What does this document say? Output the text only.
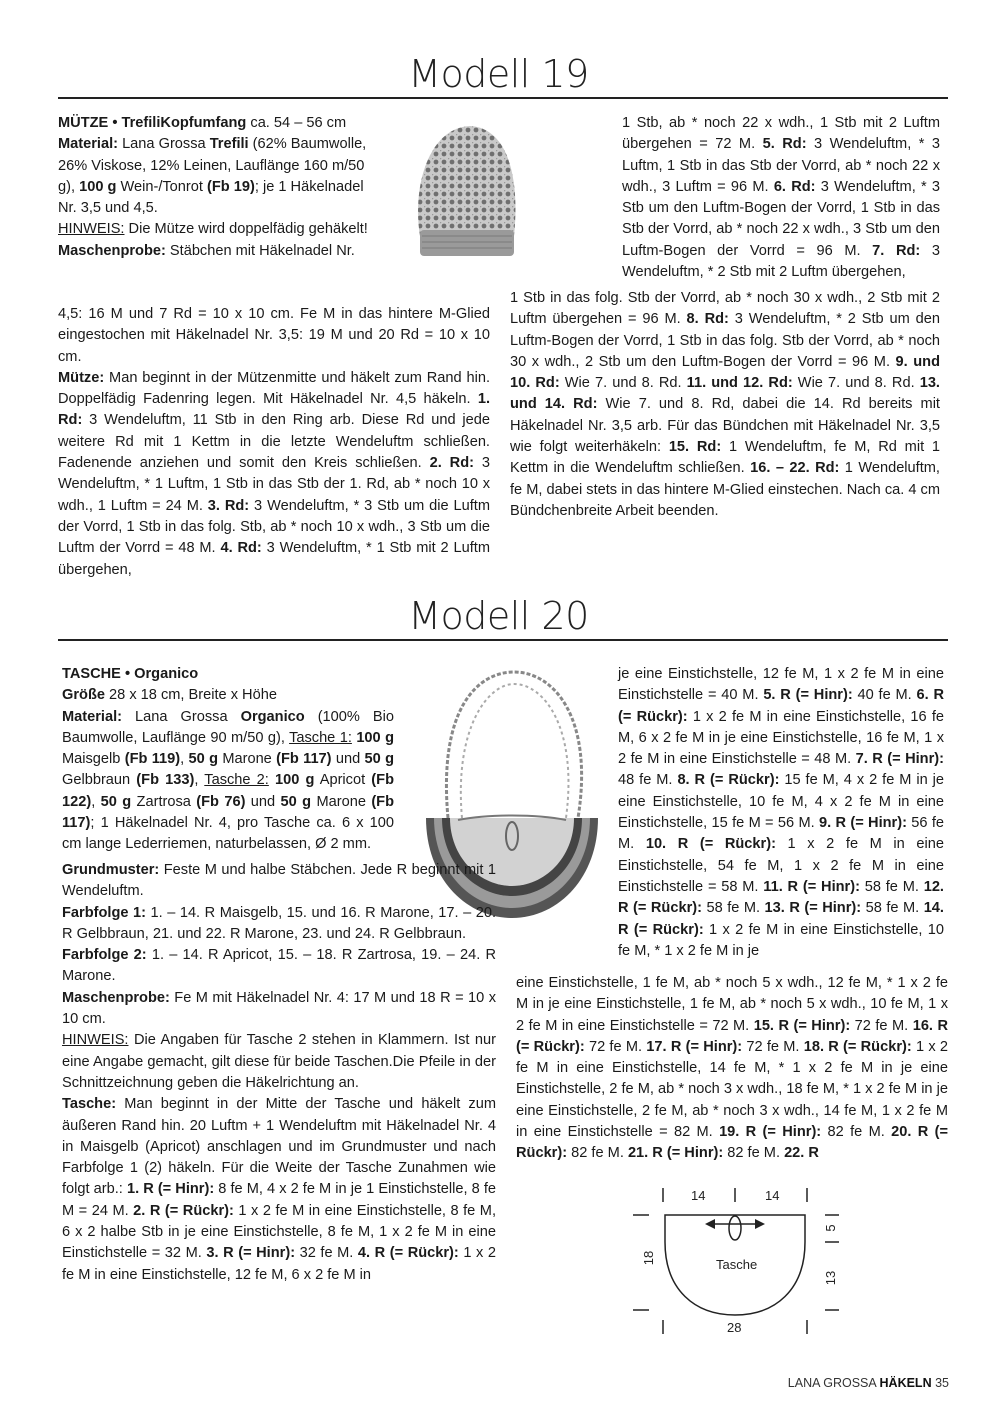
Modell 19

MÜTZE • TrefiliKopfumfang ca. 54 – 56 cm
Material: Lana Grossa Trefili (62% Baumwolle,
26% Viskose, 12% Leinen, Lauflänge 160 m/50
g), 100 g Wein-/Tonrot (Fb 19); je 1 Häkelnadel
Nr. 3,5 und 4,5.
HINWEIS: Die Mütze wird doppelfädig gehäkelt!
Maschenprobe: Stäbchen mit Häkelnadel Nr.

4,5: 16 M und 7 Rd = 10 x 10 cm. Fe M in das hintere M-Glied eingestochen mit Häkelnadel Nr. 3,5: 19 M und 20 Rd = 10 x 10 cm.
Mütze: Man beginnt in der Mützenmitte und häkelt zum Rand hin. Doppelfädig Fadenring legen. Mit Häkelnadel Nr. 4,5 häkeln. 1. Rd: 3 Wendeluftm, 11 Stb in den Ring arb. Diese Rd und jede weitere Rd mit 1 Kettm in die letzte Wendeluftm schließen. Fadenende anziehen und somit den Kreis schließen. 2. Rd: 3 Wendeluftm, * 1 Luftm, 1 Stb in das Stb der 1. Rd, ab * noch 10 x wdh., 1 Luftm = 24 M. 3. Rd: 3 Wendeluftm, * 3 Stb um die Luftm der Vorrd, 1 Stb in das folg. Stb, ab * noch 10 x wdh., 3 Stb um die Luftm der Vorrd = 48 M. 4. Rd: 3 Wendeluftm, * 1 Stb mit 2 Luftm übergehen,

1 Stb, ab * noch 22 x wdh., 1 Stb mit 2 Luftm übergehen = 72 M. 5. Rd: 3 Wendeluftm, * 3 Luftm, 1 Stb in das Stb der Vorrd, ab * noch 22 x wdh., 3 Luftm = 96 M. 6. Rd: 3 Wendeluftm, * 3 Stb um den Luftm-Bogen der Vorrd, 1 Stb in das Stb der Vorrd, ab * noch 22 x wdh., 3 Stb um den Luftm-Bogen der Vorrd = 96 M. 7. Rd: 3 Wendeluftm, * 2 Stb mit 2 Luftm übergehen,

1 Stb in das folg. Stb der Vorrd, ab * noch 30 x wdh., 2 Stb mit 2 Luftm übergehen = 96 M. 8. Rd: 3 Wendeluftm, * 2 Stb um den Luftm-Bogen der Vorrd, 1 Stb in das folg. Stb der Vorrd, ab * noch 30 x wdh., 2 Stb um den Luftm-Bogen der Vorrd = 96 M. 9. und 10. Rd: Wie 7. und 8. Rd. 11. und 12. Rd: Wie 7. und 8. Rd. 13. und 14. Rd: Wie 7. und 8. Rd, dabei die 14. Rd bereits mit Häkelnadel Nr. 3,5 arb. Für das Bündchen mit Häkelnadel Nr. 3,5 wie folgt weiterhäkeln: 15. Rd: 1 Wendeluftm, fe M, Rd mit 1 Kettm in die Wendeluftm schließen. 16. – 22. Rd: 1 Wendeluftm, fe M, dabei stets in das hintere M-Glied einstechen. Nach ca. 4 cm Bündchenbreite Arbeit beenden.

Modell 20

TASCHE • Organico
Größe 28 x 18 cm, Breite x Höhe
Material: Lana Grossa Organico (100% Bio Baumwolle, Lauflänge 90 m/50 g), Tasche 1: 100 g Maisgelb (Fb 119), 50 g Marone (Fb 117) und 50 g Gelbbraun (Fb 133), Tasche 2: 100 g Apricot (Fb 122), 50 g Zartrosa (Fb 76) und 50 g Marone (Fb 117); 1 Häkelnadel Nr. 4, pro Tasche ca. 6 x 100 cm lange Lederriemen, naturbelassen, Ø 2 mm.

Grundmuster: Feste M und halbe Stäbchen. Jede R beginnt mit 1 Wendeluftm.
Farbfolge 1: 1. – 14. R Maisgelb, 15. und 16. R Marone, 17. – 20. R Gelbbraun, 21. und 22. R Marone, 23. und 24. R Gelbbraun.
Farbfolge 2: 1. – 14. R Apricot, 15. – 18. R Zartrosa, 19. – 24. R Marone.
Maschenprobe: Fe M mit Häkelnadel Nr. 4: 17 M und 18 R = 10 x 10 cm.
HINWEIS: Die Angaben für Tasche 2 stehen in Klammern. Ist nur eine Angabe gemacht, gilt diese für beide Taschen.Die Pfeile in der Schnittzeichnung geben die Häkelrichtung an.
Tasche: Man beginnt in der Mitte der Tasche und häkelt zum äußeren Rand hin. 20 Luftm + 1 Wendeluftm mit Häkelnadel Nr. 4 in Maisgelb (Apricot) anschlagen und im Grundmuster und nach Farbfolge 1 (2) häkeln. Für die Weite der Tasche Zunahmen wie folgt arb.: 1. R (= Hinr): 8 fe M, 4 x 2 fe M in je 1 Einstichstelle, 8 fe M = 24 M. 2. R (= Rückr): 1 x 2 fe M in eine Einstichstelle, 8 fe M, 6 x 2 halbe Stb in je eine Einstichstelle, 8 fe M, 1 x 2 fe M in eine Einstichstelle = 32 M. 3. R (= Hinr): 32 fe M. 4. R (= Rückr): 1 x 2 fe M in eine Einstichstelle, 12 fe M, 6 x 2 fe M in

je eine Einstichstelle, 12 fe M, 1 x 2 fe M in eine Einstichstelle = 40 M. 5. R (= Hinr): 40 fe M. 6. R (= Rückr): 1 x 2 fe M in eine Einstichstelle, 16 fe M, 6 x 2 fe M in je eine Einstichstelle, 16 fe M, 1 x 2 fe M in eine Einstichstelle = 48 M. 7. R (= Hinr): 48 fe M. 8. R (= Rückr): 15 fe M, 4 x 2 fe M in je eine Einstichstelle, 10 fe M, 4 x 2 fe M in eine Einstichstelle, 15 fe M = 56 M. 9. R (= Hinr): 56 fe M. 10. R (= Rückr): 1 x 2 fe M in eine Einstichstelle, 54 fe M, 1 x 2 fe M in eine Einstichstelle = 58 M. 11. R (= Hinr): 58 fe M. 12. R (= Rückr): 58 fe M. 13. R (= Hinr): 58 fe M. 14. R (= Rückr): 1 x 2 fe M in eine Einstichstelle, 10 fe M, * 1 x 2 fe M in je

eine Einstichstelle, 1 fe M, ab * noch 5 x wdh., 12 fe M, * 1 x 2 fe M in je eine Einstichstelle, 1 fe M, ab * noch 5 x wdh., 10 fe M, 1 x 2 fe M in eine Einstichstelle = 72 M. 15. R (= Hinr): 72 fe M. 16. R (= Rückr): 72 fe M. 17. R (= Hinr): 72 fe M. 18. R (= Rückr): 1 x 2 fe M in eine Einstichstelle, 14 fe M, * 1 x 2 fe M in je eine Einstichstelle, 2 fe M, ab * noch 3 x wdh., 18 fe M, * 1 x 2 fe M in je eine Einstichstelle, 2 fe M, ab * noch 3 x wdh., 14 fe M, 1 x 2 fe M in eine Einstichstelle = 82 M. 19. R (= Hinr): 82 fe M. 20. R (= Rückr): 82 fe M. 21. R (= Hinr): 82 fe M. 22. R

14	14
28
Tasche
18
5
13
LANA GROSSA HÄKELN 35
